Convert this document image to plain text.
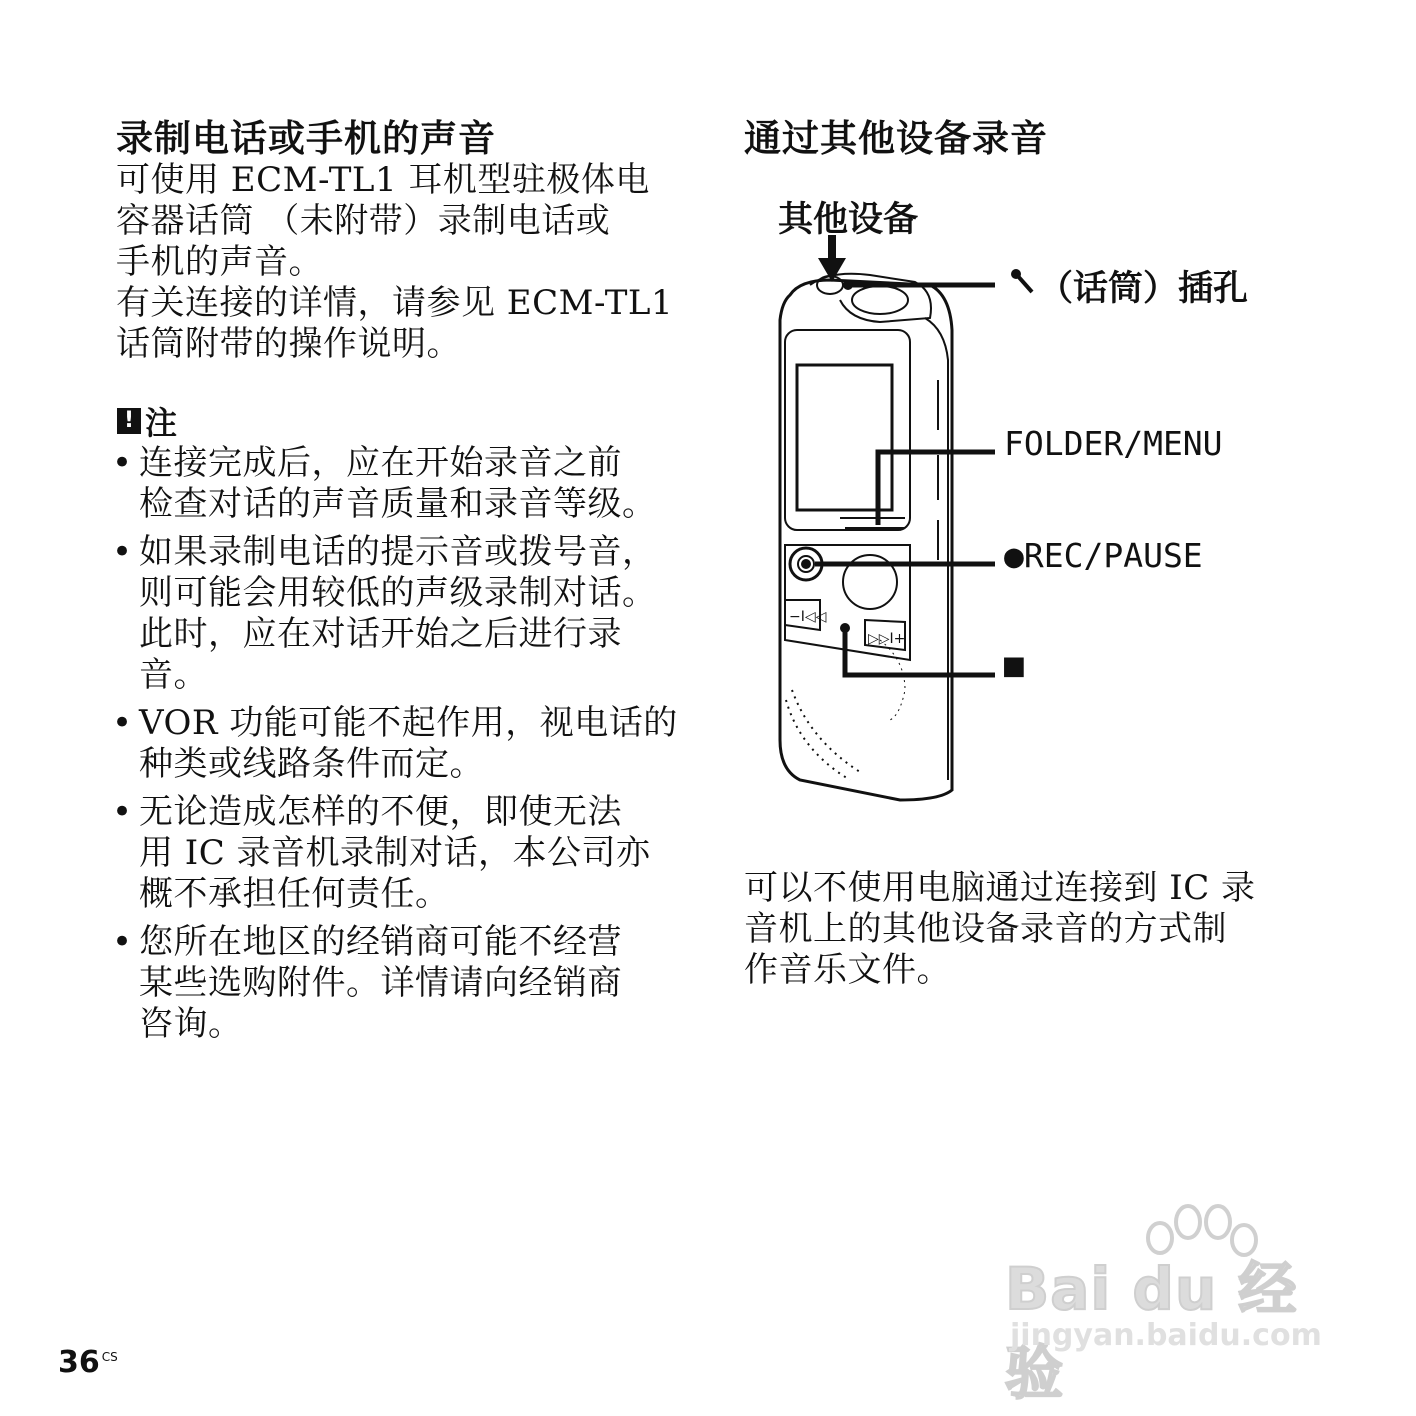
录制电话或手机的声音

可使用 ECM-TL1 耳机型驻极体电
容器话筒 （未附带）录制电话或
手机的声音。
有关连接的详情，请参见 ECM-TL1
话筒附带的操作说明。

! 注
• 连接完成后，应在开始录音之前
检查对话的声音质量和录音等级。
• 如果录制电话的提示音或拨号音，
则可能会用较低的声级录制对话。
此时，应在对话开始之后进行录
音。
• VOR 功能可能不起作用，视电话的
种类或线路条件而定。
• 无论造成怎样的不便，即使无法
用 IC 录音机录制对话，本公司亦
概不承担任何责任。
• 您所在地区的经销商可能不经营
某些选购附件。详情请向经销商
咨询。
通过其他设备录音
−I◁◁
▷▷I+
其他设备
（话筒）插孔
FOLDER/MENU
●REC/PAUSE
■

可以不使用电脑通过连接到 IC 录
音机上的其他设备录音的方式制
作音乐文件。

36 $^{CS}$
Bai du 经验
jingyan.baidu.com
